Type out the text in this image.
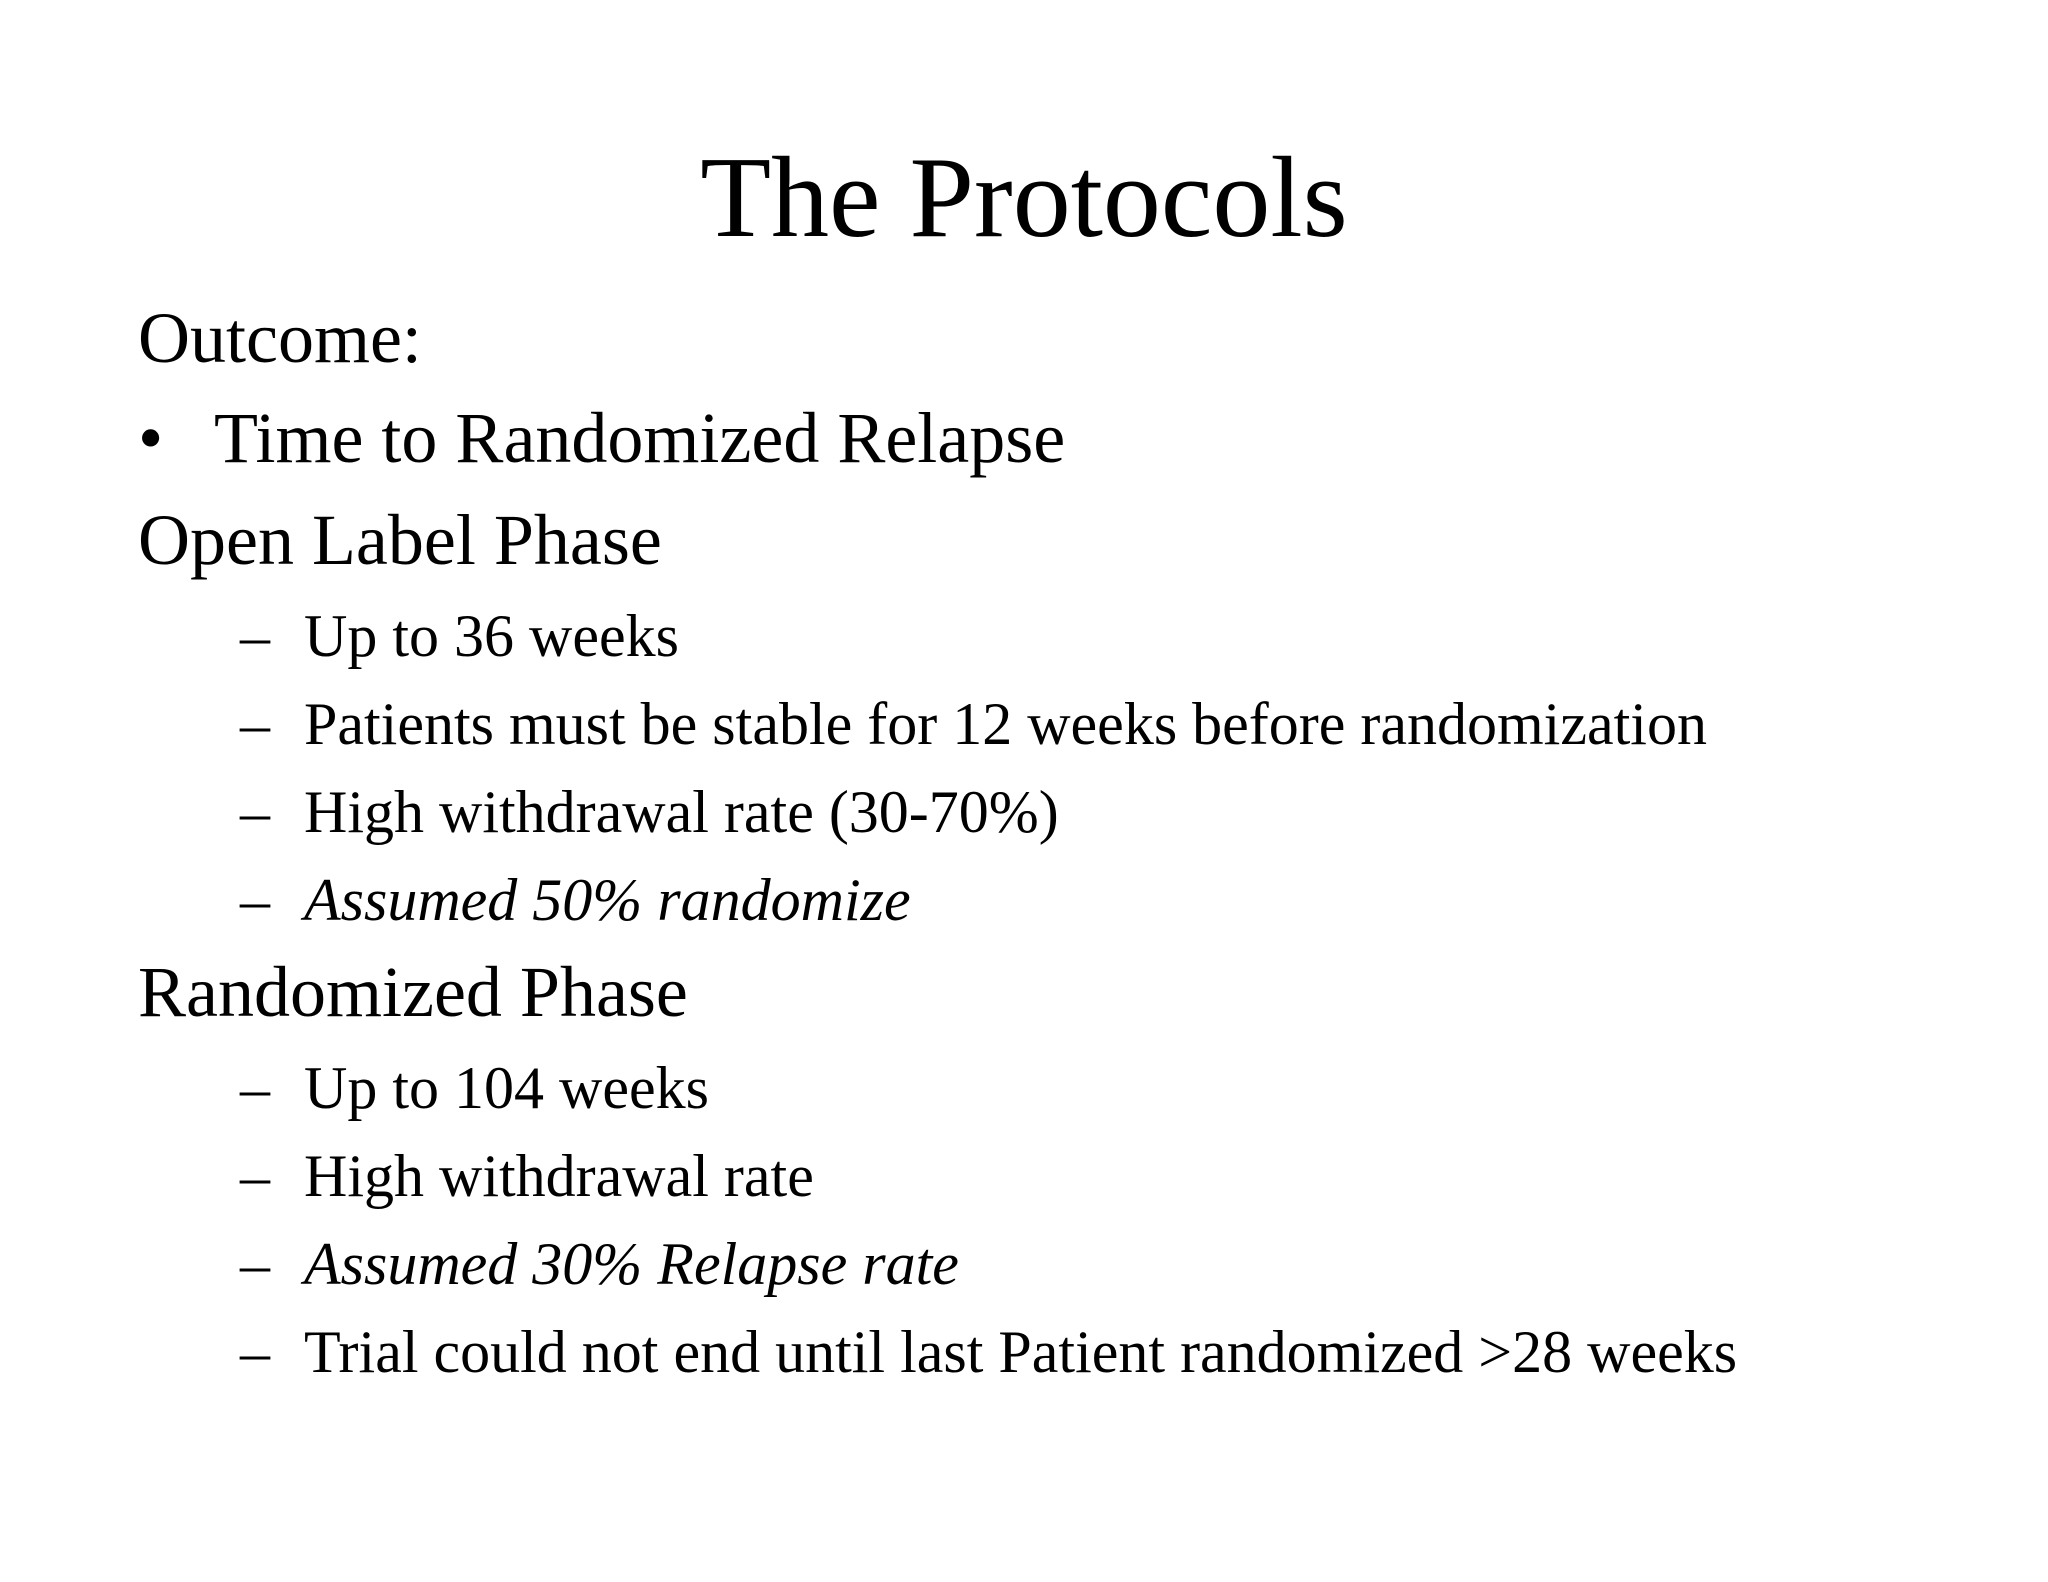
The Protocols
Outcome:
• Time to Randomized Relapse
Open Label Phase
– Up to 36 weeks
– Patients must be stable for 12 weeks before randomization
– High withdrawal rate (30-70%)
– Assumed 50% randomize
Randomized Phase
– Up to 104 weeks
– High withdrawal rate
– Assumed 30% Relapse rate
– Trial could not end until last Patient randomized >28 weeks
